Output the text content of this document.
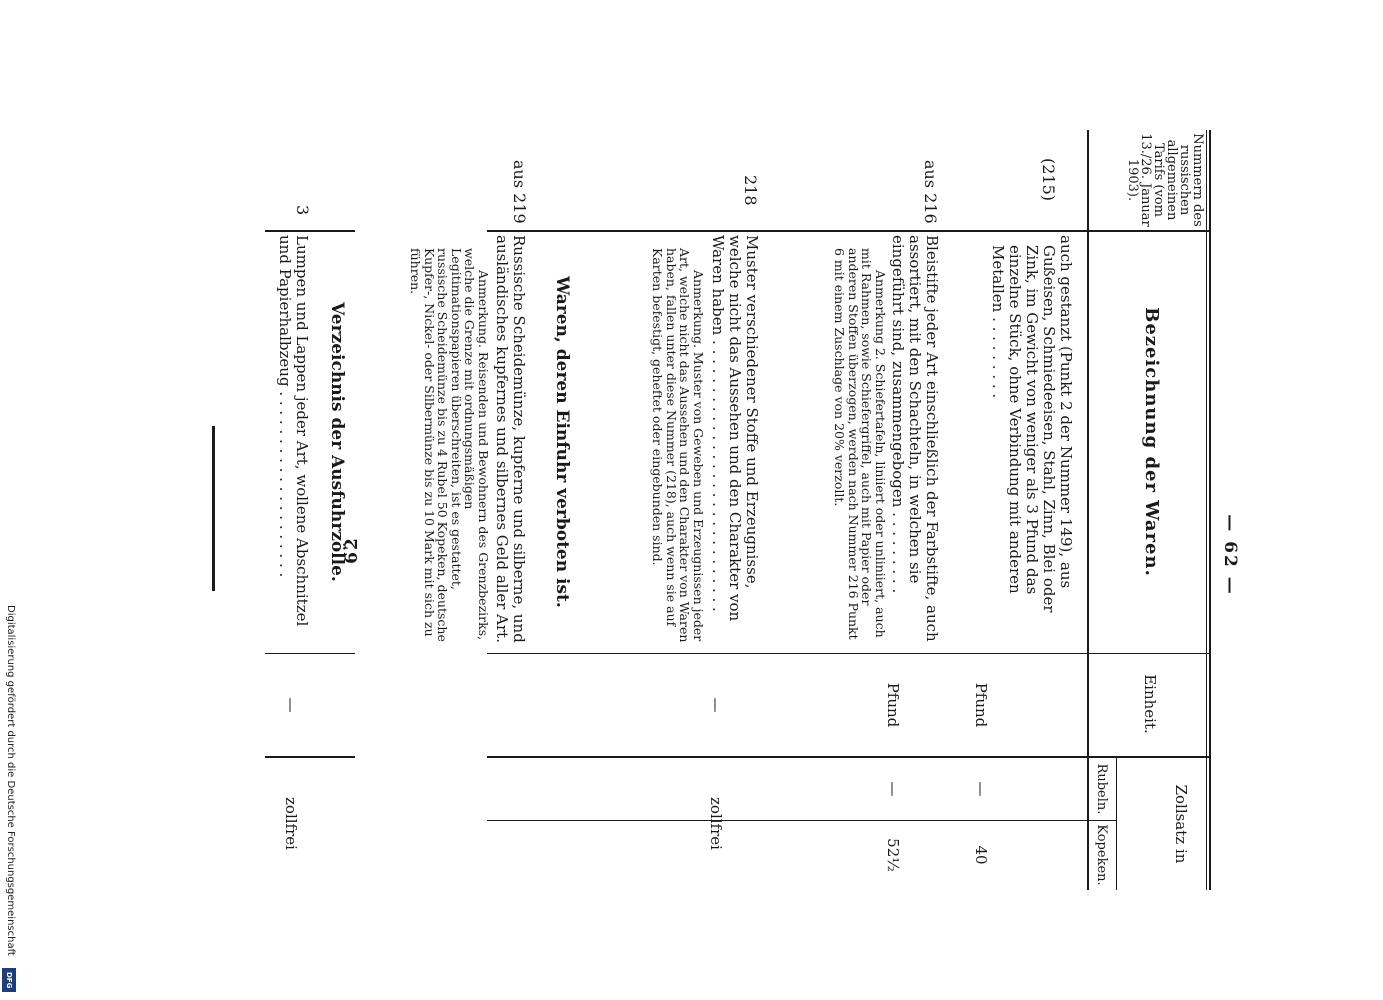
— 62 —
Nummern des russischen allgemeinen Tarifs (vom 13./26. Januar 1903).
Bezeichnung der Waren.
Einheit.
Zollsatz in
Rubeln.
Kopeken.
(215)
auch gestanzt (Punkt 2 der Nummer 149), aus Gußeisen, Schmiedeeisen, Stahl, Zinn, Blei oder Zink, im Gewicht von weniger als 3 Pfund das einzelne Stück, ohne Verbindung mit anderen Metallen . . . . . . . . .
Pfund
—
40
aus 216
Bleistifte jeder Art einschließlich der Farbstifte, auch assortiert, mit den Schachteln, in welchen sie eingeführt sind, zusammengebogen . . . . . . . . .
Anmerkung 2. Schiefertafeln, liniiert oder unliniiert, auch mit Rahmen, sowie Schiefergriffel, auch mit Papier oder anderen Stoffen überzogen, werden nach Nummer 216 Punkt 6 mit einem Zuschlage von 20% verzollt.
Pfund
—
52½
218
Muster verschiedener Stoffe und Erzeugnisse, welche nicht das Aussehen und den Charakter von Waren haben . . . . . . . . . . . . . . . . . . . . . . . . . . . . .
Anmerkung. Muster von Geweben und Erzeugnissen jeder Art, welche nicht das Aussehen und den Charakter von Waren haben, fallen unter diese Nummer (218), auch wenn sie auf Karten befestigt, geheftet oder eingebunden sind.
—
zollfrei
Waren, deren Einfuhr verboten ist.
aus 219
Russische Scheidemünze, kupferne und silberne, und ausländisches kupfernes und silbernes Geld aller Art.
Anmerkung. Reisenden und Bewohnern des Grenzbezirks, welche die Grenze mit ordnungsmäßigen Legitimationspapieren überschreiten, ist es gestattet, russische Scheidemünze bis zu 4 Rubel 50 Kopeken, deutsche Kupfer-, Nickel- oder Silbermünze bis zu 10 Mark mit sich zu führen.
62
Verzeichnis der Ausfuhrzölle.
3
Lumpen und Lappen jeder Art, wollene Abschnitzel und Papierhalbzeug . . . . . . . . . . . . . . . . . . . .
—
zollfrei
Digitalisierung gefördert durch die Deutsche Forschungsgemeinschaft
DFG
